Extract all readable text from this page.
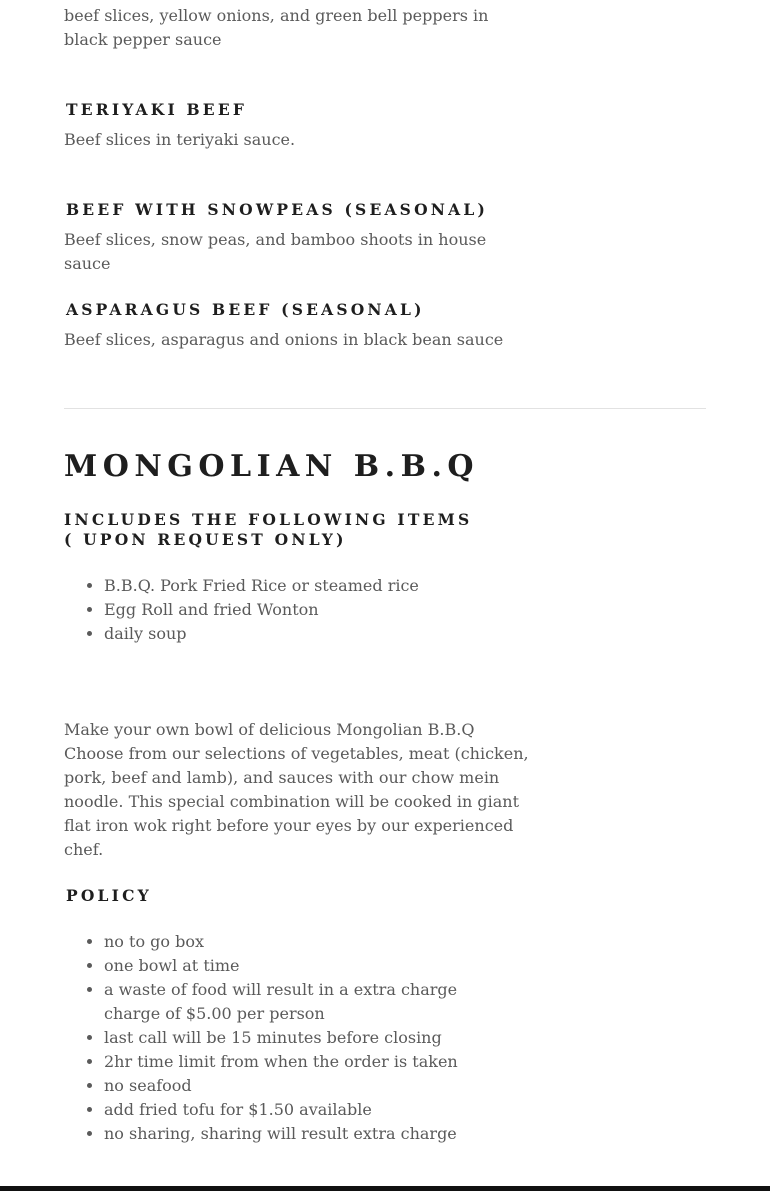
beef slices, yellow onions, and green bell peppers in black pepper sauce

TERIYAKI BEEF

Beef slices in teriyaki sauce.

BEEF WITH SNOWPEAS (SEASONAL)

Beef slices, snow peas, and bamboo shoots in house sauce

ASPARAGUS BEEF (SEASONAL)

Beef slices, asparagus and onions in black bean sauce

MONGOLIAN B.B.Q
INCLUDES THE FOLLOWING ITEMS ( UPON REQUEST ONLY)
• B.B.Q. Pork Fried Rice or steamed rice
• Egg Roll and fried Wonton
• daily soup

Make your own bowl of delicious Mongolian B.B.Q

Choose from our selections of vegetables, meat (chicken, pork, beef and lamb), and sauces with our chow mein noodle. This special combination will be cooked in giant flat iron wok right before your eyes by our experienced chef.

POLICY
• no to go box
• one bowl at time
• a waste of food will result in a extra charge charge of $5.00 per person
• last call will be 15 minutes before closing
• 2hr time limit from when the order is taken
• no seafood
• add fried tofu for $1.50 available
• no sharing, sharing will result extra charge
